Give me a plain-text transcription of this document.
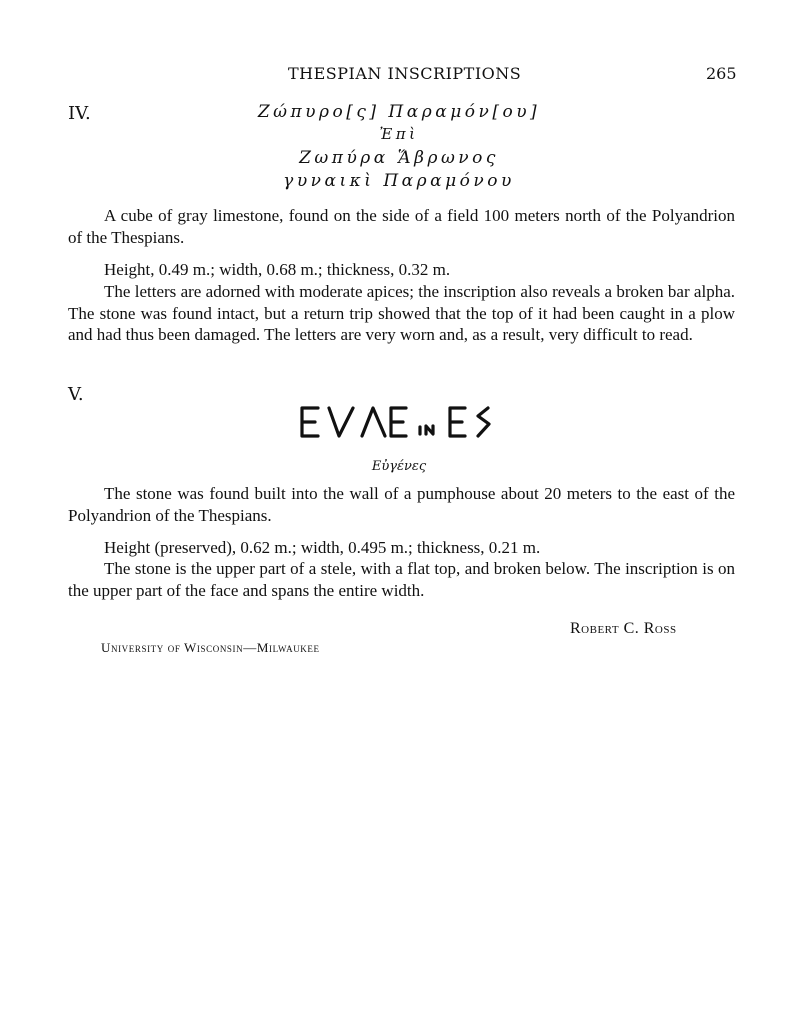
THESPIAN INSCRIPTIONS	265
IV.	Ζώπυρο[ς] Παραμόν[ου]
Ἐπὶ
Ζωπύρα Ἅβρωνος
γυναικὶ Παραμόνου

A cube of gray limestone, found on the side of a field 100 meters north of the Polyandrion of the Thespians.

Height, 0.49 m.; width, 0.68 m.; thickness, 0.32 m.

The letters are adorned with moderate apices; the inscription also reveals a broken bar alpha. The stone was found intact, but a return trip showed that the top of it had been caught in a plow and had thus been damaged. The letters are very worn and, as a result, very difficult to read.

V.
Εὐγένες

The stone was found built into the wall of a pumphouse about 20 meters to the east of the Polyandrion of the Thespians.

Height (preserved), 0.62 m.; width, 0.495 m.; thickness, 0.21 m.

The stone is the upper part of a stele, with a flat top, and broken below. The inscription is on the upper part of the face and spans the entire width.

Robert C. Ross
University of Wisconsin—Milwaukee
